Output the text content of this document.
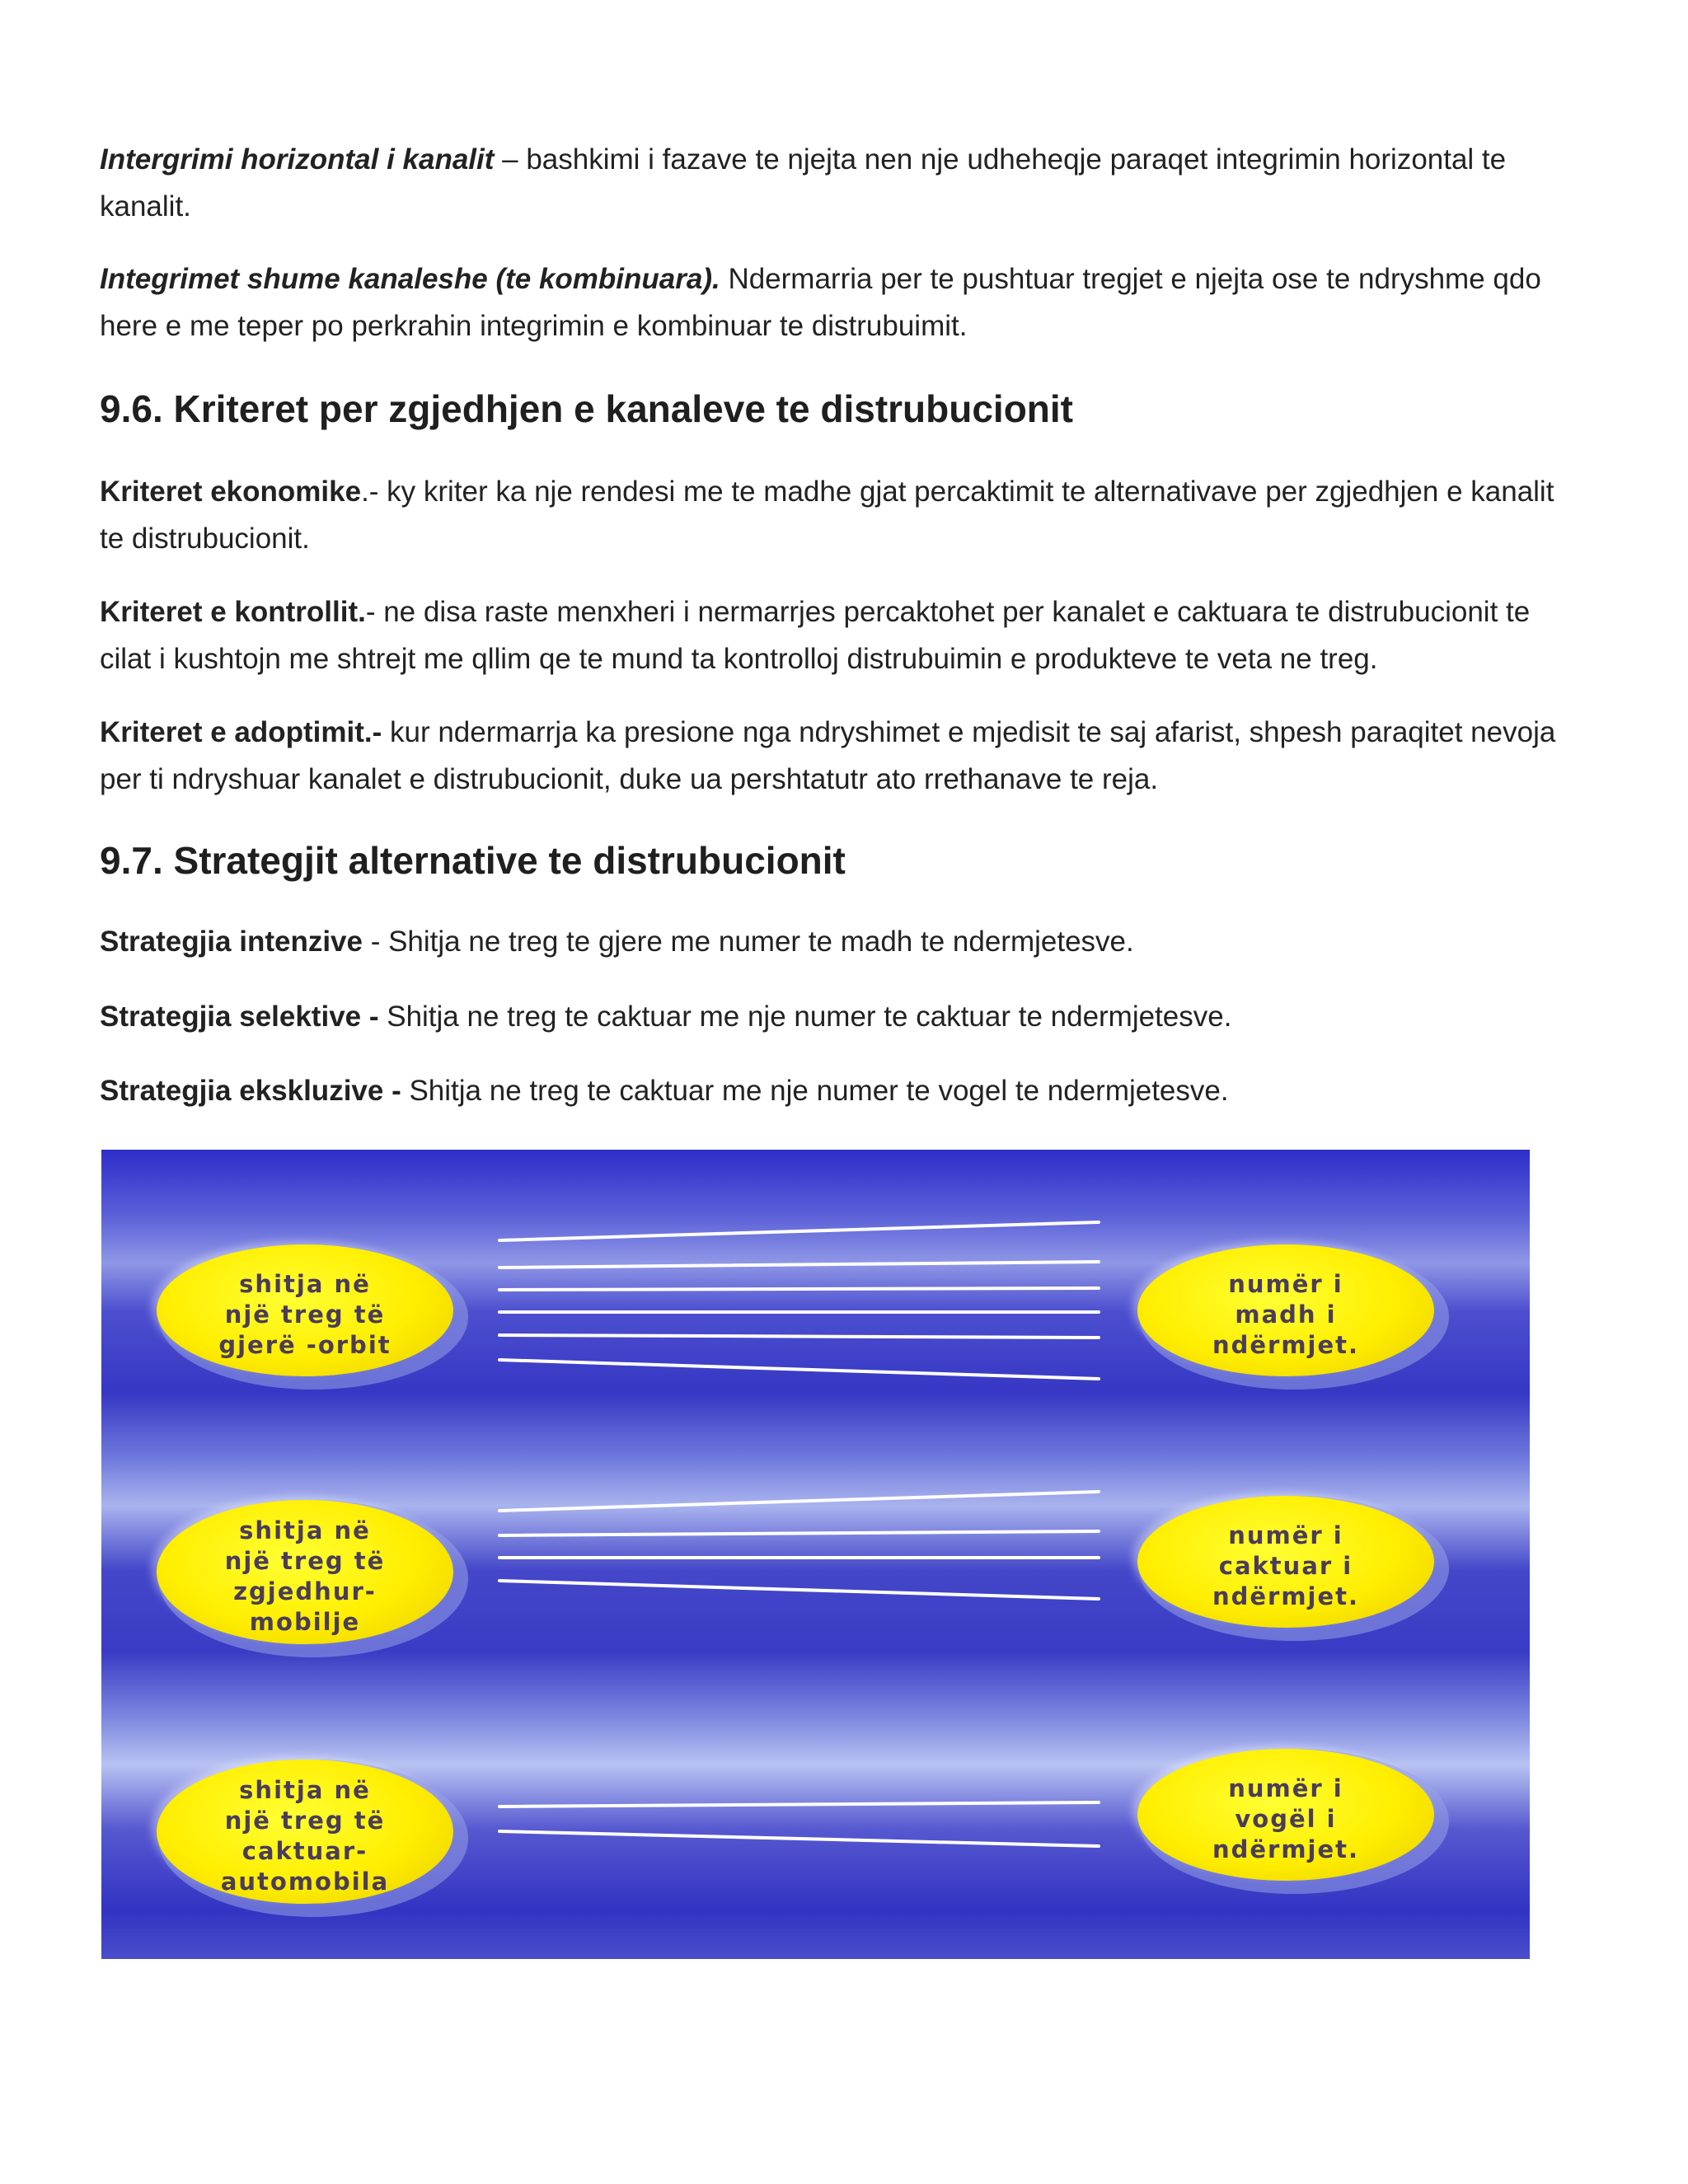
Intergrimi horizontal i kanalit – bashkimi i fazave te njejta nen nje udheheqje paraqet integrimin horizontal te kanalit.

Integrimet shume kanaleshe (te kombinuara). Ndermarria per te pushtuar tregjet e njejta ose te ndryshme qdo here e me teper po perkrahin integrimin e kombinuar te distrubuimit.

9.6. Kriteret per zgjedhjen e kanaleve te distrubucionit

Kriteret ekonomike.- ky kriter ka nje rendesi me te madhe gjat percaktimit te alternativave per zgjedhjen e kanalit te distrubucionit.

Kriteret e kontrollit.- ne disa raste menxheri i nermarrjes percaktohet per kanalet e caktuara te distrubucionit te cilat i kushtojn me shtrejt me qllim qe te mund ta kontrolloj distrubuimin e produkteve te veta ne treg.

Kriteret e adoptimit.- kur ndermarrja ka presione nga ndryshimet e mjedisit te saj afarist, shpesh paraqitet nevoja per ti ndryshuar kanalet e distrubucionit, duke ua pershtatutr ato rrethanave te reja.

9.7. Strategjit alternative te distrubucionit

Strategjia intenzive - Shitja ne treg te gjere me numer te madh te ndermjetesve.

Strategjia selektive - Shitja ne treg te caktuar me nje numer te caktuar te ndermjetesve.

Strategjia ekskluzive - Shitja ne treg te caktuar me nje numer te vogel te ndermjetesve.

shitja në
një treg të
gjerë -orbit
numër i
madh i
ndërmjet.
shitja në
një treg të
zgjedhur-
mobilje
numër i
caktuar i
ndërmjet.
shitja në
një treg të
caktuar-
automobila
numër i
vogël i
ndërmjet.
